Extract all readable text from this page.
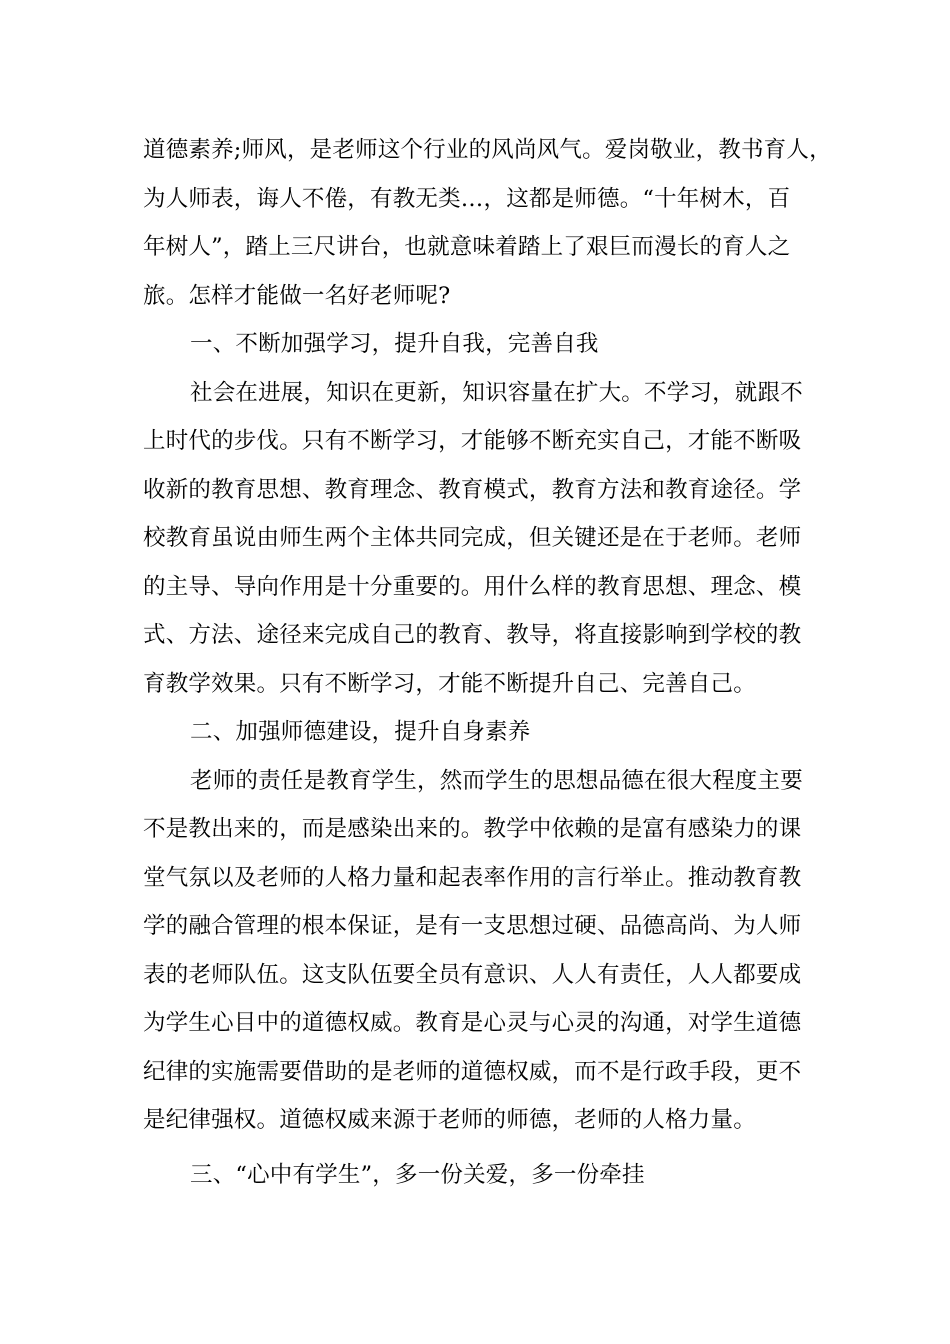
道德素养;师风，是老师这个行业的风尚风气。爱岗敬业，教书育人，
为人师表，诲人不倦，有教无类…，这都是师德。“十年树木，百
年树人”，踏上三尺讲台，也就意味着踏上了艰巨而漫长的育人之
旅。怎样才能做一名好老师呢?
一、不断加强学习，提升自我，完善自我
社会在进展，知识在更新，知识容量在扩大。不学习，就跟不
上时代的步伐。只有不断学习，才能够不断充实自己，才能不断吸
收新的教育思想、教育理念、教育模式，教育方法和教育途径。学
校教育虽说由师生两个主体共同完成，但关键还是在于老师。老师
的主导、导向作用是十分重要的。用什么样的教育思想、理念、模
式、方法、途径来完成自己的教育、教导，将直接影响到学校的教
育教学效果。只有不断学习，才能不断提升自己、完善自己。
二、加强师德建设，提升自身素养
老师的责任是教育学生，然而学生的思想品德在很大程度主要
不是教出来的，而是感染出来的。教学中依赖的是富有感染力的课
堂气氛以及老师的人格力量和起表率作用的言行举止。推动教育教
学的融合管理的根本保证，是有一支思想过硬、品德高尚、为人师
表的老师队伍。这支队伍要全员有意识、人人有责任，人人都要成
为学生心目中的道德权威。教育是心灵与心灵的沟通，对学生道德
纪律的实施需要借助的是老师的道德权威，而不是行政手段，更不
是纪律强权。道德权威来源于老师的师德，老师的人格力量。
三、“心中有学生”，多一份关爱，多一份牵挂
